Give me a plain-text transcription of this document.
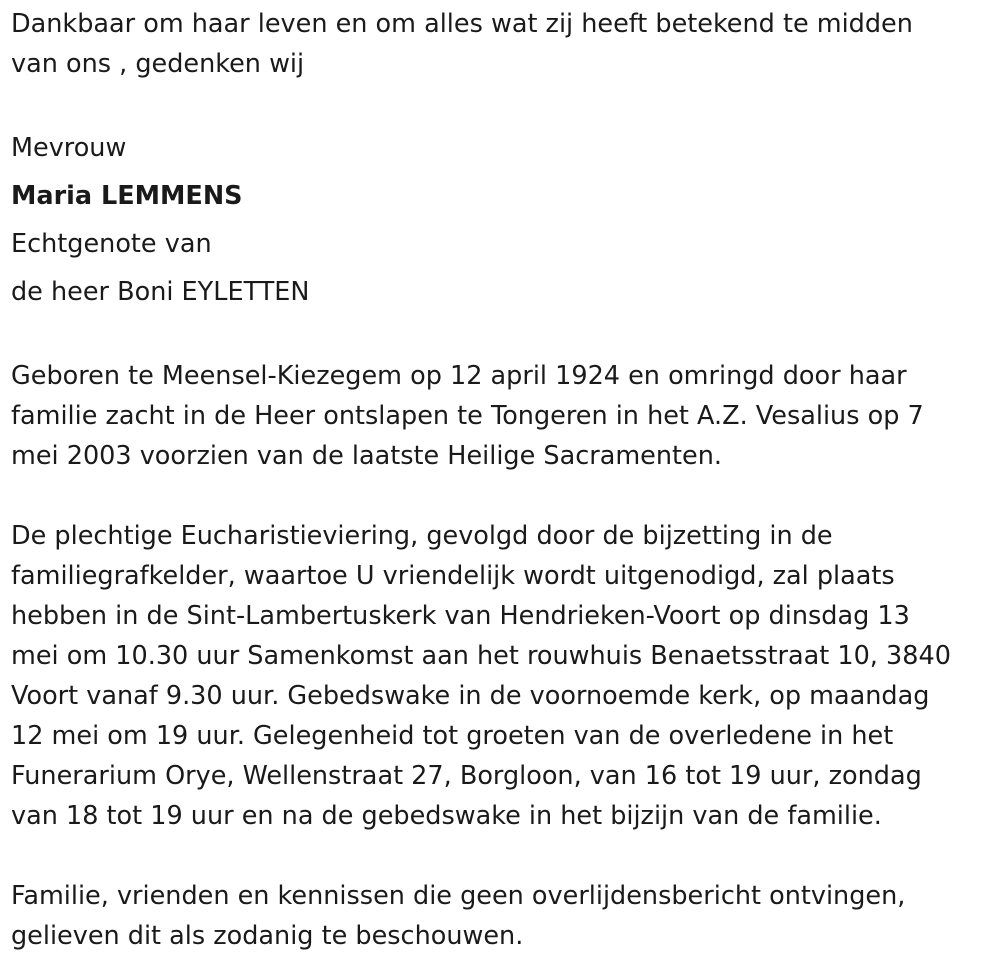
Dankbaar om haar leven en om alles wat zij heeft betekend te midden
van ons , gedenken wij

Mevrouw
Maria LEMMENS
Echtgenote van
de heer Boni EYLETTEN

Geboren te Meensel-Kiezegem op 12 april 1924 en omringd door haar
familie zacht in de Heer ontslapen te Tongeren in het A.Z. Vesalius op 7
mei 2003 voorzien van de laatste Heilige Sacramenten.

De plechtige Eucharistieviering, gevolgd door de bijzetting in de
familiegrafkelder, waartoe U vriendelijk wordt uitgenodigd, zal plaats
hebben in de Sint-Lambertuskerk van Hendrieken-Voort op dinsdag 13
mei om 10.30 uur Samenkomst aan het rouwhuis Benaetsstraat 10, 3840
Voort vanaf 9.30 uur. Gebedswake in de voornoemde kerk, op maandag
12 mei om 19 uur. Gelegenheid tot groeten van de overledene in het
Funerarium Orye, Wellenstraat 27, Borgloon, van 16 tot 19 uur, zondag
van 18 tot 19 uur en na de gebedswake in het bijzijn van de familie.

Familie, vrienden en kennissen die geen overlijdensbericht ontvingen,
gelieven dit als zodanig te beschouwen.
